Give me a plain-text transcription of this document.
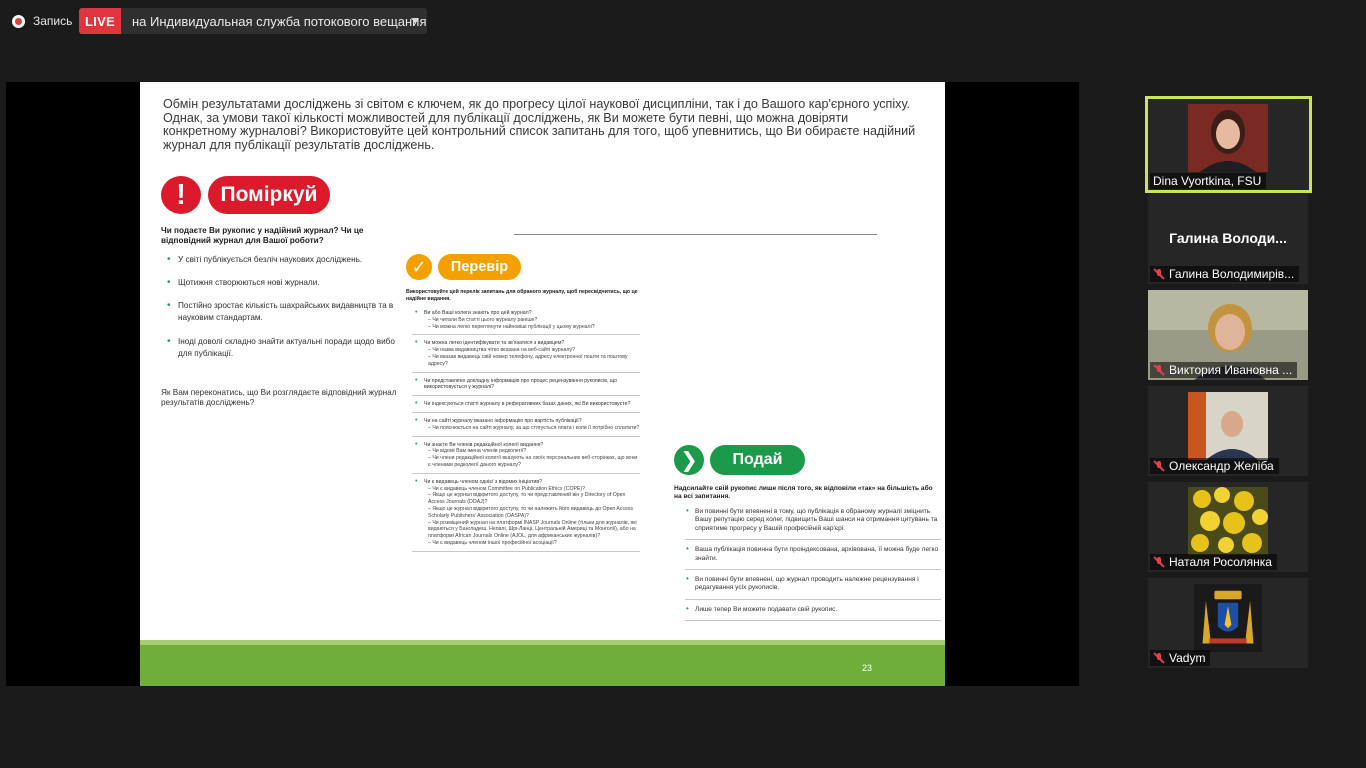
Запись LIVE	на Индивидуальная служба потокового вещания
Обмін результатами досліджень зі світом є ключем, як до прогресу цілої наукової дисципліни, так і до Вашого кар'єрного успіху. Однак, за умови такої кількості можливостей для публікації досліджень, як Ви можете бути певні, що можна довіряти конкретному журналові? Використовуйте цей контрольний список запитань для того, щоб упевнитись, що Ви обираєте надійний журнал для публікації результатів досліджень.
!	Поміркуй
Чи подаєте Ви рукопис у надійний журнал? Чи це відповідний журнал для Вашої роботи?
• У світі публікується безліч наукових досліджень.
• Щотижня створюються нові журнали.
• Постійно зростає кількість шахрайських видавництв та в
науковим стандартам.
• Іноді доволі складно знайти актуальні поради щодо вибо
для публікації.
Як Вам переконатись, що Ви розглядаєте відповідний журнал
результатів досліджень?
✓	Перевір
Використовуйте цей перелік запитань для обраного журналу, щоб пересвідчитись, що це надійне видання.
• Ви або Ваші колеги знають про цей журнал?
– Чи читали Ви статті цього журналу раніше?
– Чи можна легко переглянути найновіші публікації у цьому журналі?
• Чи можна легко ідентифікувати та зв'язатися з видавцем?
– Чи назва видавництва чітко вказана на веб-сайті журналу?
– Чи вказав видавець свій номер телефону, адресу електронної пошти та поштову адресу?
• Чи представлено докладну інформацію про процес рецензування рукописів, що використовується у журналі?
• Чи індексуються статті журналу в реферативних базах даних, які Ви використовуєте?
• Чи на сайті журналу вказано інформацію про вартість публікації?
– Чи пояснюється на сайті журналу, за що стягується плата і коли її потрібно сплатити?
• Чи знаєте Ви членів редакційної колегії видання?
– Чи відомі Вам імена членів редколегії?
– Чи члени редакційної колегії вказують на своїх персональних веб-сторінках, що вони є членами редколегії даного журналу?
• Чи є видавець членом однієї з відомих ініціатив?
– Чи є видавець членом Committee on Publication Ethics (COPE)?
– Якщо це журнал відкритого доступу, то чи представлений він у Directory of Open Access Journals (DOAJ)?
– Якщо це журнал відкритого доступу, то чи належить його видавець до Open Access Scholarly Publishers' Association (OASPA)?
– Чи розміщений журнал на платформі INASP Journals Online (тільки для журналів, які видаються у Бангладеш, Непалі, Шрі-Ланці, Центральній Америці та Монголії), або на платформі African Journals Online (AJOL, для африканських журналів)?
– Чи є видавець членом іншої професійної асоціації?
❯	Подай
Надсилайте свій рукопис лише після того, як відповіли «так» на більшість або на всі запитання.
• Ви повинні бути впевнені в тому, що публікація в обраному журналі зміцнить Вашу репутацію серед колег, підвищить Ваші шанси на отримання цитувань та сприятиме прогресу у Вашій професійній кар'єрі.
• Ваша публікація повинна бути проіндексована, архівована, її можна буде легко знайти.
• Ви повинні бути впевнені, що журнал проводить належне рецензування і редагування усіх рукописів.
• Лише тепер Ви можете подавати свій рукопис.
23
Dina Vyortkina, FSU
Галина Володи...
Галина Володимирів...
Виктория Ивановна ...
Олександр Желіба
Наталя Росолянка
Vadym
